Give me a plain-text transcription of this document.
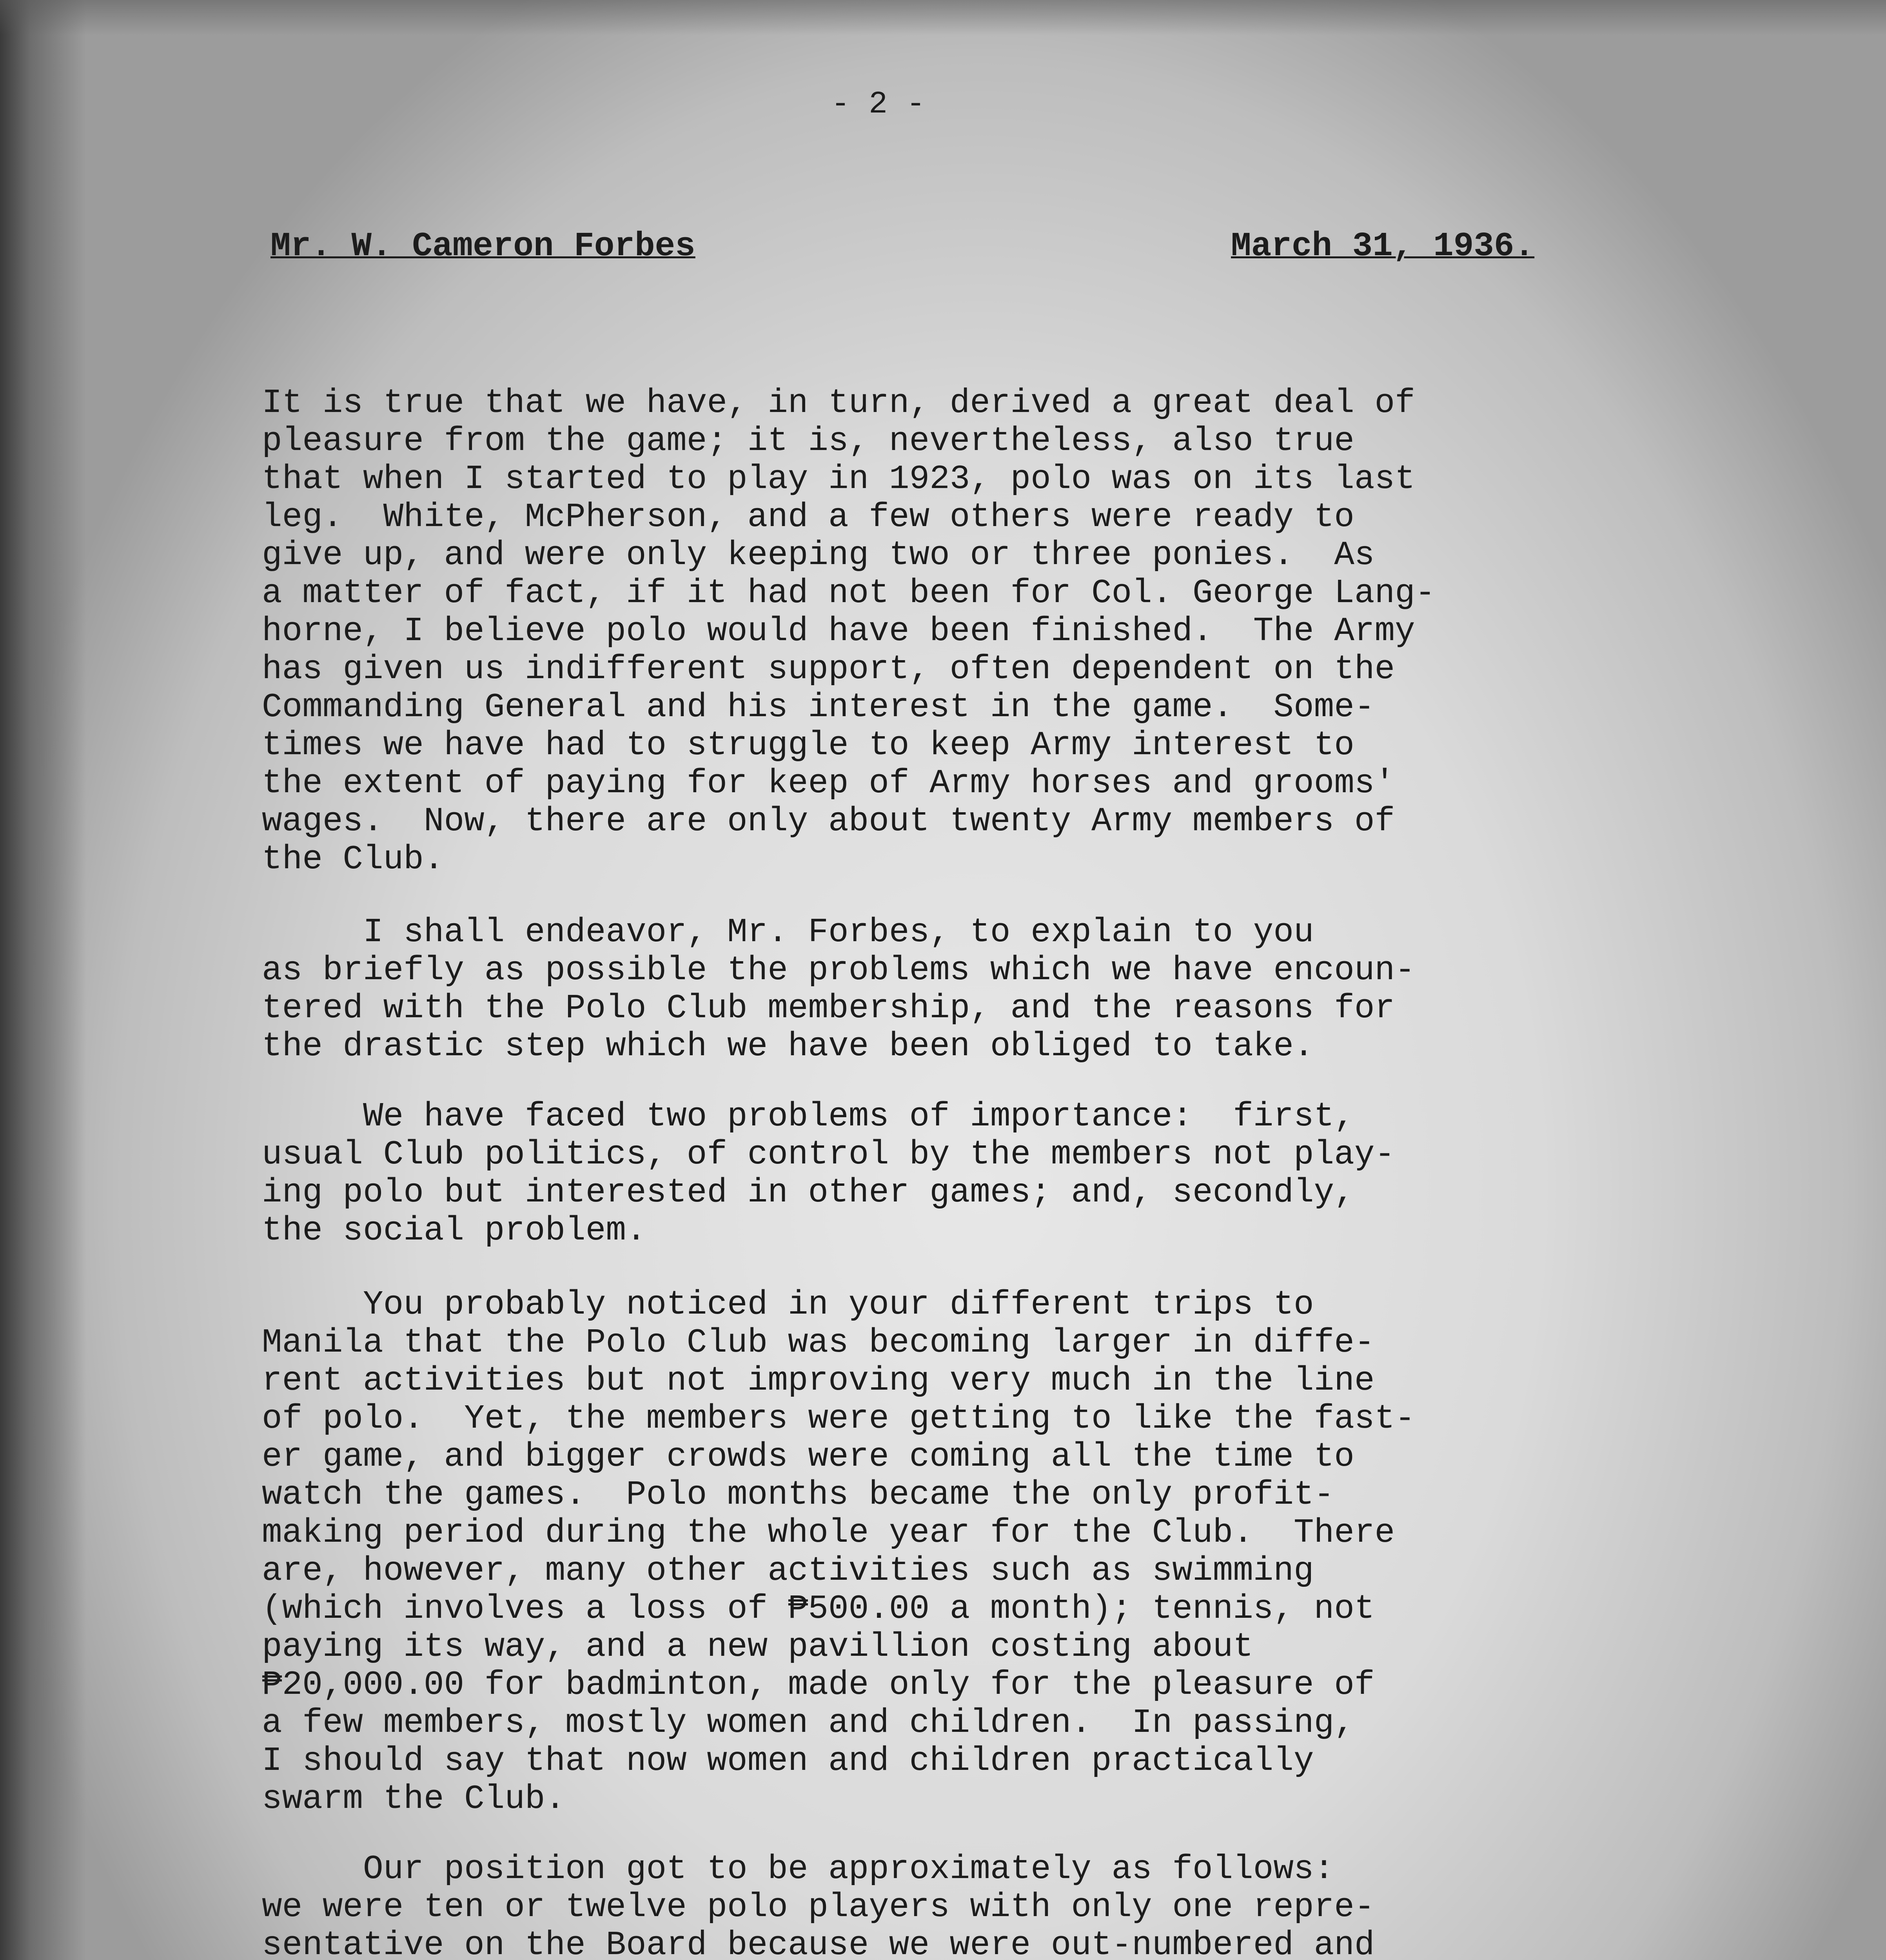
- 2 -
Mr. W. Cameron Forbes	March 31, 1936.
It is true that we have, in turn, derived a great deal of
pleasure from the game; it is, nevertheless, also true
that when I started to play in 1923, polo was on its last
leg.  White, McPherson, and a few others were ready to
give up, and were only keeping two or three ponies.  As
a matter of fact, if it had not been for Col. George Lang-
horne, I believe polo would have been finished.  The Army
has given us indifferent support, often dependent on the
Commanding General and his interest in the game.  Some-
times we have had to struggle to keep Army interest to
the extent of paying for keep of Army horses and grooms'
wages.  Now, there are only about twenty Army members of
the Club.
I shall endeavor, Mr. Forbes, to explain to you
as briefly as possible the problems which we have encoun-
tered with the Polo Club membership, and the reasons for
the drastic step which we have been obliged to take.
We have faced two problems of importance:  first,
usual Club politics, of control by the members not play-
ing polo but interested in other games; and, secondly,
the social problem.
You probably noticed in your different trips to
Manila that the Polo Club was becoming larger in diffe-
rent activities but not improving very much in the line
of polo.  Yet, the members were getting to like the fast-
er game, and bigger crowds were coming all the time to
watch the games.  Polo months became the only profit-
making period during the whole year for the Club.  There
are, however, many other activities such as swimming
(which involves a loss of ₱500.00 a month); tennis, not
paying its way, and a new pavillion costing about
₱20,000.00 for badminton, made only for the pleasure of
a few members, mostly women and children.  In passing,
I should say that now women and children practically
swarm the Club.
Our position got to be approximately as follows:
we were ten or twelve polo players with only one repre-
sentative on the Board because we were out-numbered and
